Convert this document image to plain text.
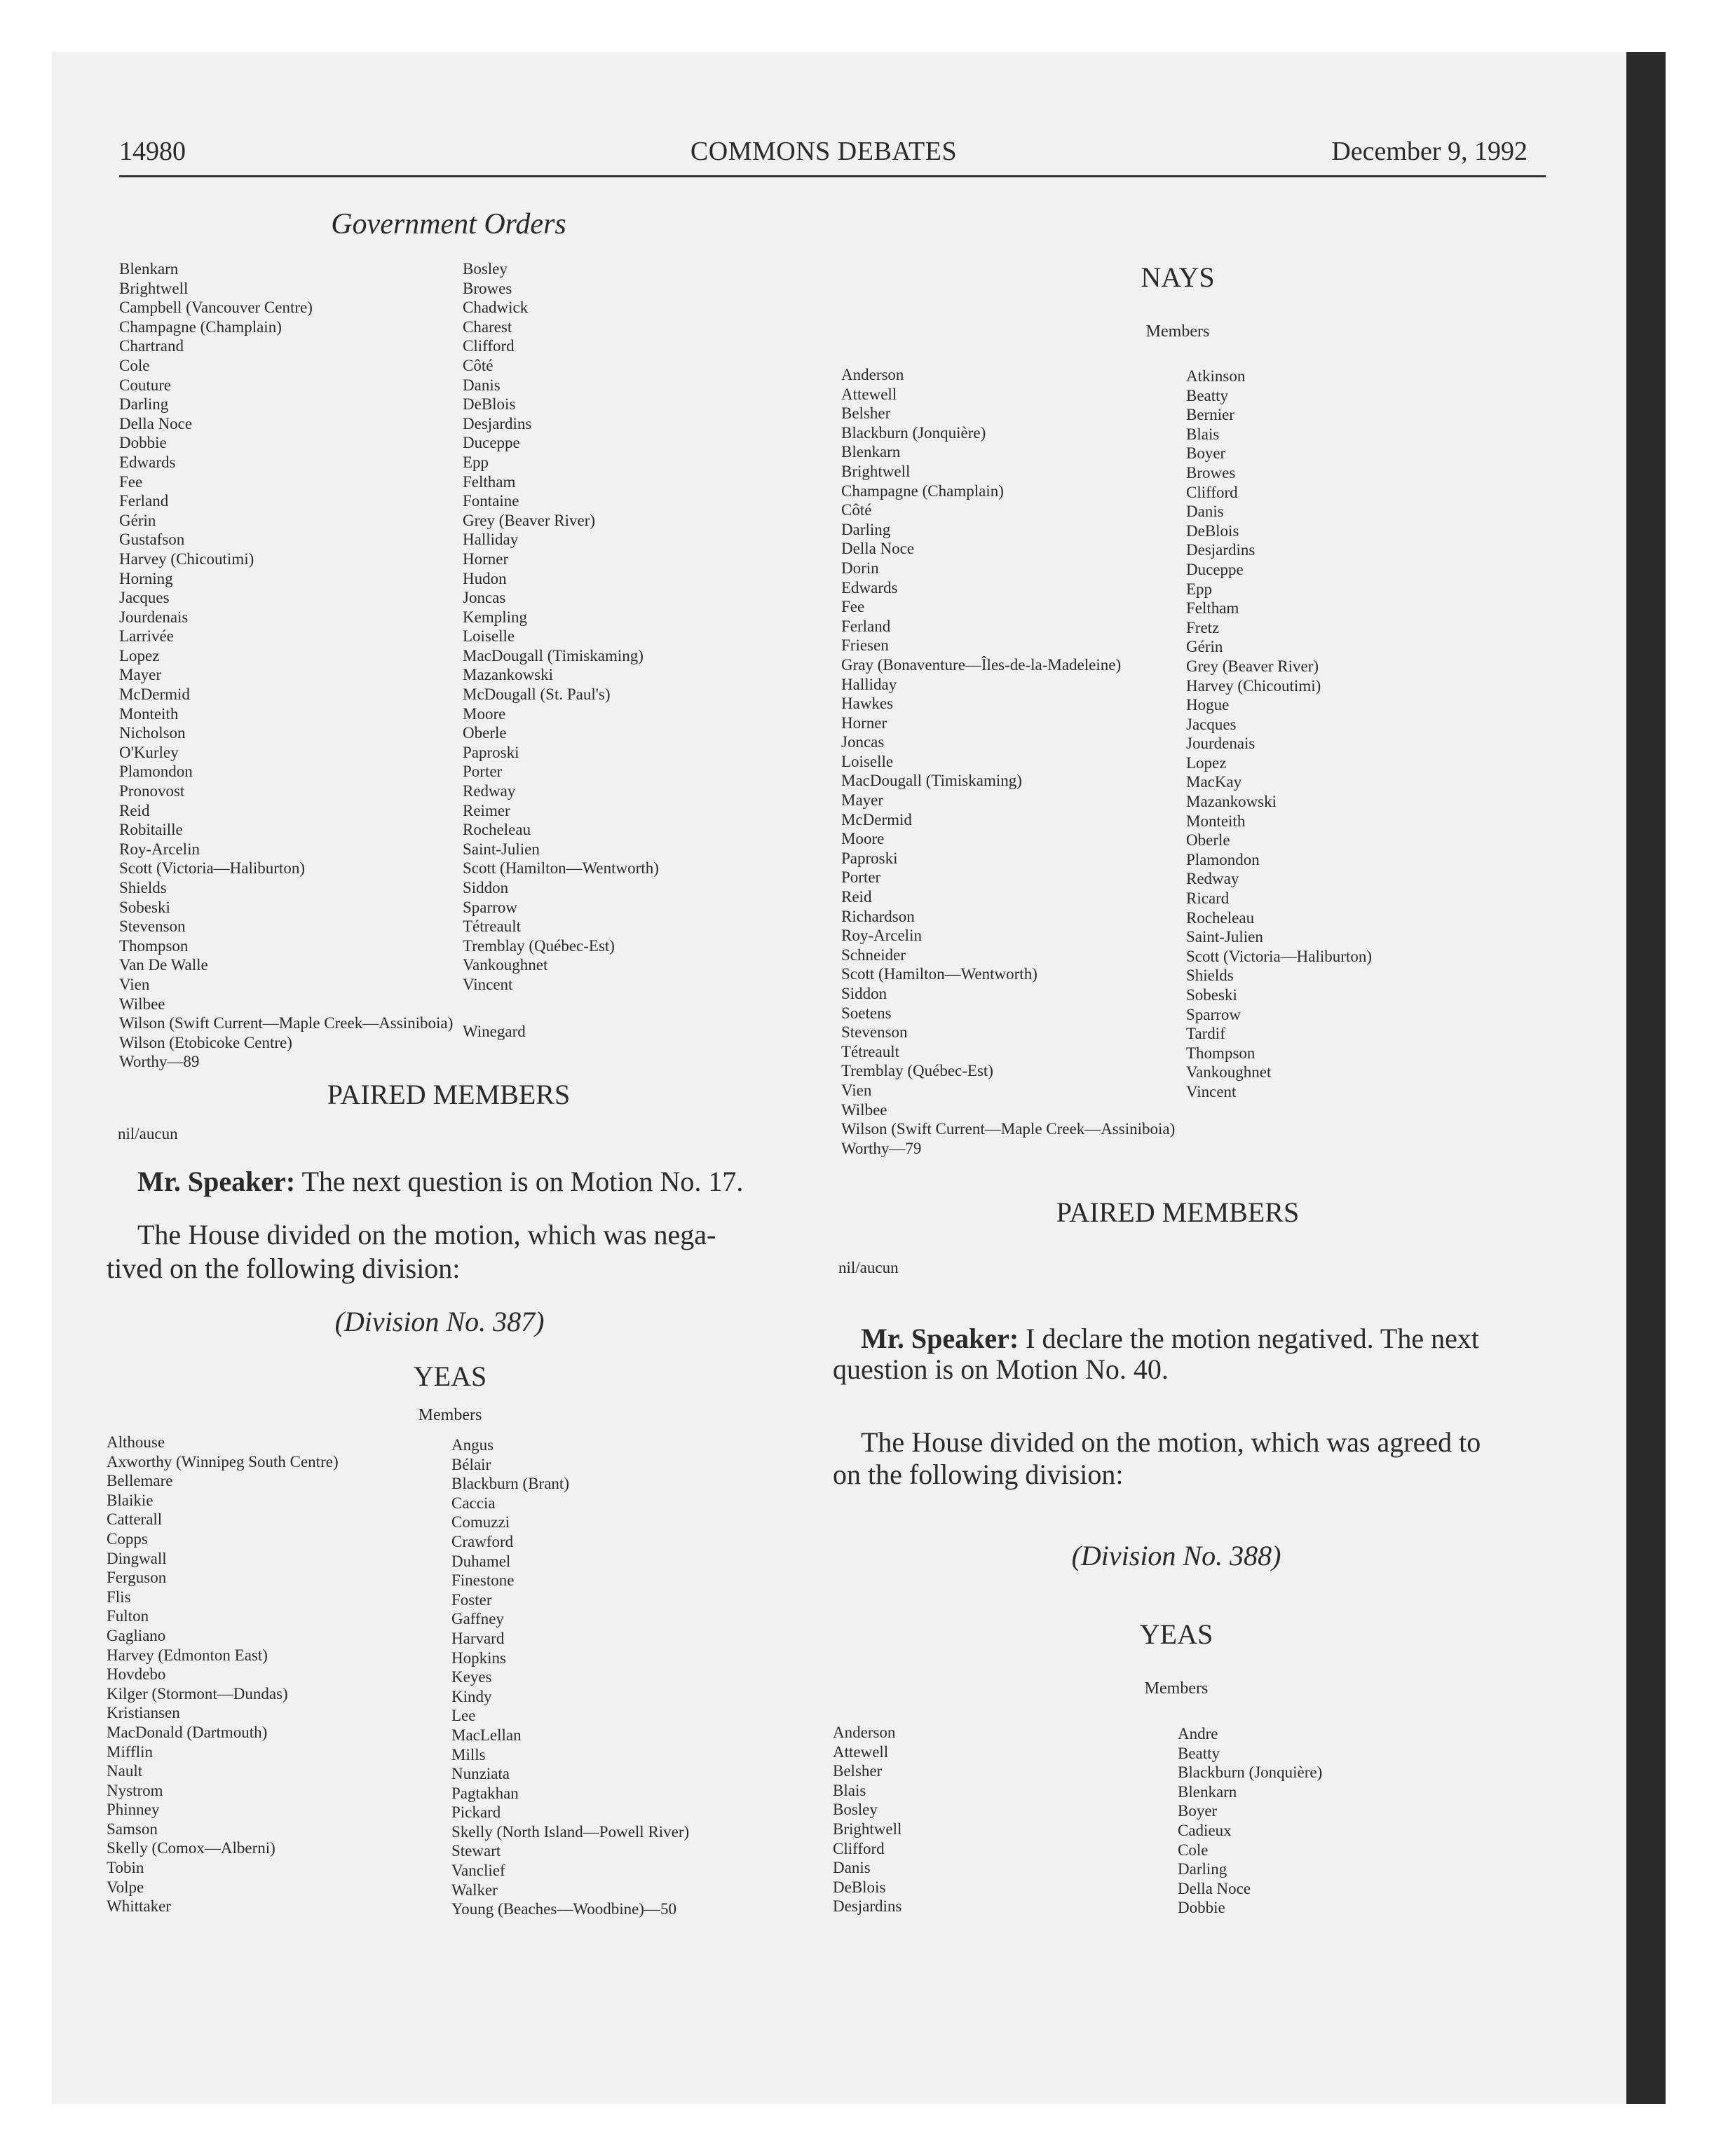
14980	COMMONS DEBATES	December 9, 1992
Government Orders
Blenkarn
Brightwell
Campbell (Vancouver Centre)
Champagne (Champlain)
Chartrand
Cole
Couture
Darling
Della Noce
Dobbie
Edwards
Fee
Ferland
Gérin
Gustafson
Harvey (Chicoutimi)
Horning
Jacques
Jourdenais
Larrivée
Lopez
Mayer
McDermid
Monteith
Nicholson
O'Kurley
Plamondon
Pronovost
Reid
Robitaille
Roy-Arcelin
Scott (Victoria—Haliburton)
Shields
Sobeski
Stevenson
Thompson
Van De Walle
Vien
Wilbee
Wilson (Swift Current—Maple Creek—Assiniboia)
Wilson (Etobicoke Centre)
Worthy—89
Bosley
Browes
Chadwick
Charest
Clifford
Côté
Danis
DeBlois
Desjardins
Duceppe
Epp
Feltham
Fontaine
Grey (Beaver River)
Halliday
Horner
Hudon
Joncas
Kempling
Loiselle
MacDougall (Timiskaming)
Mazankowski
McDougall (St. Paul's)
Moore
Oberle
Paproski
Porter
Redway
Reimer
Rocheleau
Saint-Julien
Scott (Hamilton—Wentworth)
Siddon
Sparrow
Tétreault
Tremblay (Québec-Est)
Vankoughnet
Vincent
Winegard
PAIRED MEMBERS
nil/aucun
Mr. Speaker: The next question is on Motion No. 17.
The House divided on the motion, which was nega-
tived on the following division:
(Division No. 387)
YEAS
Members
Althouse
Axworthy (Winnipeg South Centre)
Bellemare
Blaikie
Catterall
Copps
Dingwall
Ferguson
Flis
Fulton
Gagliano
Harvey (Edmonton East)
Hovdebo
Kilger (Stormont—Dundas)
Kristiansen
MacDonald (Dartmouth)
Mifflin
Nault
Nystrom
Phinney
Samson
Skelly (Comox—Alberni)
Tobin
Volpe
Whittaker
Angus
Bélair
Blackburn (Brant)
Caccia
Comuzzi
Crawford
Duhamel
Finestone
Foster
Gaffney
Harvard
Hopkins
Keyes
Kindy
Lee
MacLellan
Mills
Nunziata
Pagtakhan
Pickard
Skelly (North Island—Powell River)
Stewart
Vanclief
Walker
Young (Beaches—Woodbine)—50
NAYS
Members
Anderson
Attewell
Belsher
Blackburn (Jonquière)
Blenkarn
Brightwell
Champagne (Champlain)
Côté
Darling
Della Noce
Dorin
Edwards
Fee
Ferland
Friesen
Gray (Bonaventure—Îles-de-la-Madeleine)
Halliday
Hawkes
Horner
Joncas
Loiselle
MacDougall (Timiskaming)
Mayer
McDermid
Moore
Paproski
Porter
Reid
Richardson
Roy-Arcelin
Schneider
Scott (Hamilton—Wentworth)
Siddon
Soetens
Stevenson
Tétreault
Tremblay (Québec-Est)
Vien
Wilbee
Wilson (Swift Current—Maple Creek—Assiniboia)
Worthy—79
Atkinson
Beatty
Bernier
Blais
Boyer
Browes
Clifford
Danis
DeBlois
Desjardins
Duceppe
Epp
Feltham
Fretz
Gérin
Grey (Beaver River)
Harvey (Chicoutimi)
Hogue
Jacques
Jourdenais
Lopez
MacKay
Mazankowski
Monteith
Oberle
Plamondon
Redway
Ricard
Rocheleau
Saint-Julien
Scott (Victoria—Haliburton)
Shields
Sobeski
Sparrow
Tardif
Thompson
Vankoughnet
Vincent
PAIRED MEMBERS
nil/aucun
Mr. Speaker: I declare the motion negatived. The next
question is on Motion No. 40.
The House divided on the motion, which was agreed to
on the following division:
(Division No. 388)
YEAS
Members
Anderson
Attewell
Belsher
Blais
Bosley
Brightwell
Clifford
Danis
DeBlois
Desjardins
Andre
Beatty
Blackburn (Jonquière)
Blenkarn
Boyer
Cadieux
Cole
Darling
Della Noce
Dobbie
